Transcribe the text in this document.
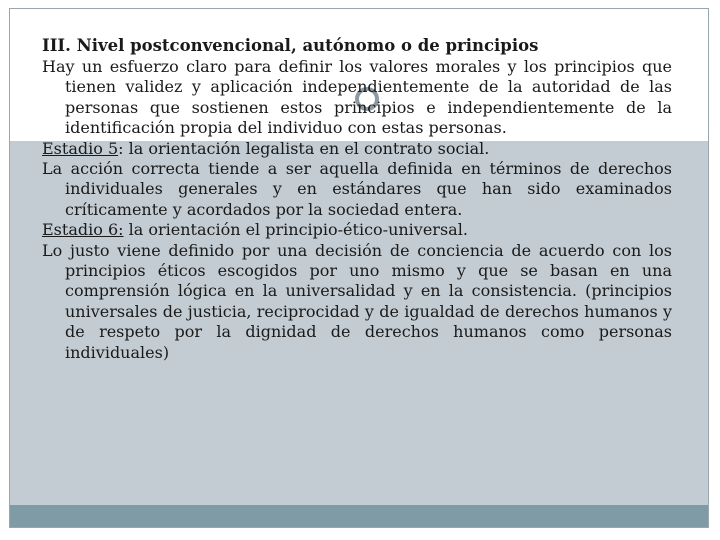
III. Nivel postconvencional, autónomo o de principios

Hay un esfuerzo claro para definir los valores morales y los principios que tienen validez y aplicación independientemente de la autoridad de las personas que sostienen estos principios e independientemente de la identificación propia del individuo con estas personas.

Estadio 5: la orientación legalista en el contrato social.

La acción correcta tiende a ser aquella definida en términos de derechos individuales generales y en estándares que han sido examinados críticamente y acordados por la sociedad entera.

Estadio 6: la orientación el principio-ético-universal.

Lo justo viene definido por una decisión de conciencia de acuerdo con los principios éticos escogidos por uno mismo y que se basan en una comprensión lógica en la universalidad y en la consistencia. (principios universales de justicia, reciprocidad y de igualdad de derechos humanos y de respeto por la dignidad de derechos humanos como personas individuales)
